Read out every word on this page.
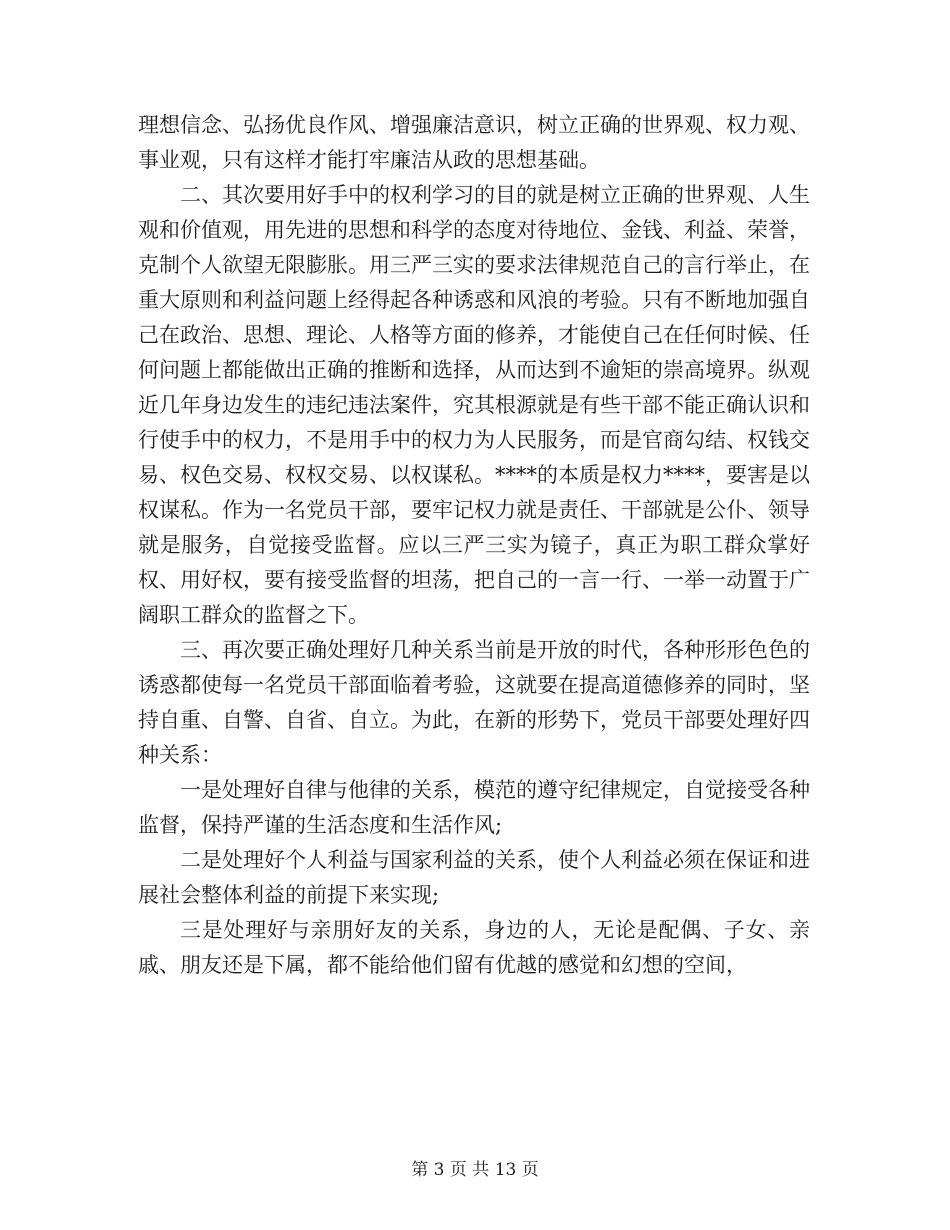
理想信念、弘扬优良作风、增强廉洁意识，树立正确的世界观、权力观、事业观，只有这样才能打牢廉洁从政的思想基础。

二、其次要用好手中的权利学习的目的就是树立正确的世界观、人生观和价值观，用先进的思想和科学的态度对待地位、金钱、利益、荣誉，克制个人欲望无限膨胀。用三严三实的要求法律规范自己的言行举止，在重大原则和利益问题上经得起各种诱惑和风浪的考验。只有不断地加强自己在政治、思想、理论、人格等方面的修养，才能使自己在任何时候、任何问题上都能做出正确的推断和选择，从而达到不逾矩的崇高境界。纵观近几年身边发生的违纪违法案件，究其根源就是有些干部不能正确认识和行使手中的权力，不是用手中的权力为人民服务，而是官商勾结、权钱交易、权色交易、权权交易、以权谋私。****的本质是权力****，要害是以权谋私。作为一名党员干部，要牢记权力就是责任、干部就是公仆、领导就是服务，自觉接受监督。应以三严三实为镜子，真正为职工群众掌好权、用好权，要有接受监督的坦荡，把自己的一言一行、一举一动置于广阔职工群众的监督之下。

三、再次要正确处理好几种关系当前是开放的时代，各种形形色色的诱惑都使每一名党员干部面临着考验，这就要在提高道德修养的同时，坚持自重、自警、自省、自立。为此，在新的形势下，党员干部要处理好四种关系：

一是处理好自律与他律的关系，模范的遵守纪律规定，自觉接受各种监督，保持严谨的生活态度和生活作风;

二是处理好个人利益与国家利益的关系，使个人利益必须在保证和进展社会整体利益的前提下来实现;

三是处理好与亲朋好友的关系，身边的人，无论是配偶、子女、亲戚、朋友还是下属，都不能给他们留有优越的感觉和幻想的空间，

第 3 页 共 13 页
